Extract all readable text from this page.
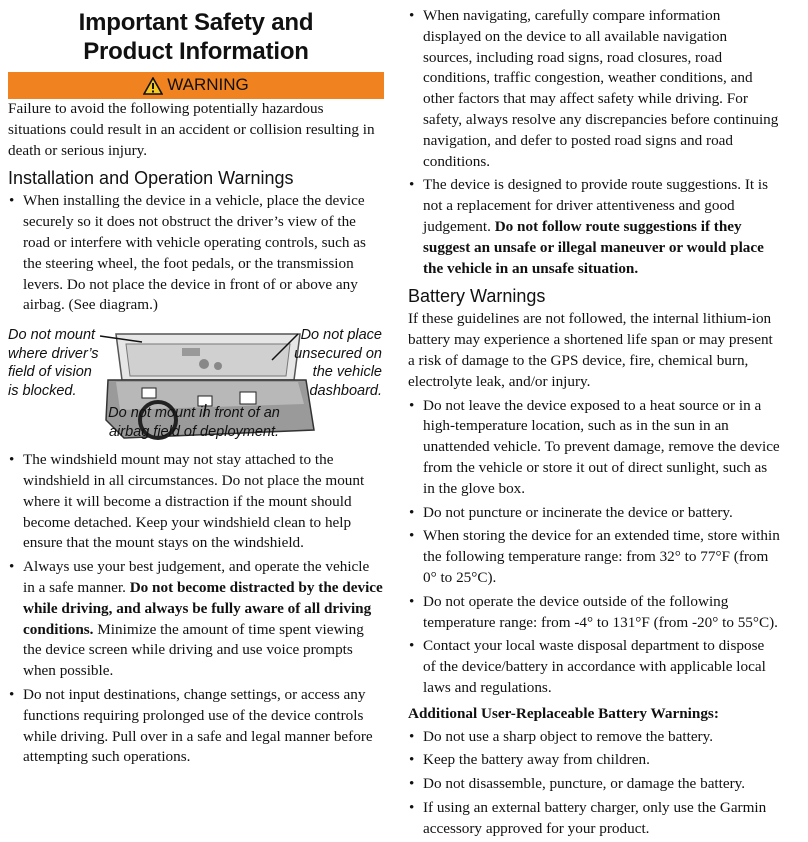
Important Safety and
Product Information
WARNING

Failure to avoid the following potentially hazardous situations could result in an accident or collision resulting in death or serious injury.

Installation and Operation Warnings
• When installing the device in a vehicle, place the device securely so it does not obstruct the driver’s view of the road or interfere with vehicle operating controls, such as the steering wheel, the foot pedals, or the transmission levers. Do not place the device in front of or above any airbag. (See diagram.)
Do not mount
where driver’s
field of vision
is blocked.
Do not place
unsecured on
the vehicle
dashboard.
Do not mount in front of an
airbag field of deployment.
• The windshield mount may not stay attached to the windshield in all circumstances. Do not place the mount where it will become a distraction if the mount should become detached. Keep your windshield clean to help ensure that the mount stays on the windshield.
• Always use your best judgement, and operate the vehicle in a safe manner. Do not become distracted by the device while driving, and always be fully aware of all driving conditions. Minimize the amount of time spent viewing the device screen while driving and use voice prompts when possible.
• Do not input destinations, change settings, or access any functions requiring prolonged use of the device controls while driving. Pull over in a safe and legal manner before attempting such operations.
• When navigating, carefully compare information displayed on the device to all available navigation sources, including road signs, road closures, road conditions, traffic congestion, weather conditions, and other factors that may affect safety while driving. For safety, always resolve any discrepancies before continuing navigation, and defer to posted road signs and road conditions.
• The device is designed to provide route suggestions. It is not a replacement for driver attentiveness and good judgement. Do not follow route suggestions if they suggest an unsafe or illegal maneuver or would place the vehicle in an unsafe situation.
Battery Warnings

If these guidelines are not followed, the internal lithium-ion battery may experience a shortened life span or may present a risk of damage to the GPS device, fire, chemical burn, electrolyte leak, and/or injury.

• Do not leave the device exposed to a heat source or in a high-temperature location, such as in the sun in an unattended vehicle. To prevent damage, remove the device from the vehicle or store it out of direct sunlight, such as in the glove box.
• Do not puncture or incinerate the device or battery.
• When storing the device for an extended time, store within the following temperature range: from 32° to 77°F (from 0° to 25°C).
• Do not operate the device outside of the following temperature range: from -4° to 131°F (from -20° to 55°C).
• Contact your local waste disposal department to dispose of the device/battery in accordance with applicable local laws and regulations.
Additional User-Replaceable Battery Warnings:
• Do not use a sharp object to remove the battery.
• Keep the battery away from children.
• Do not disassemble, puncture, or damage the battery.
• If using an external battery charger, only use the Garmin accessory approved for your product.
